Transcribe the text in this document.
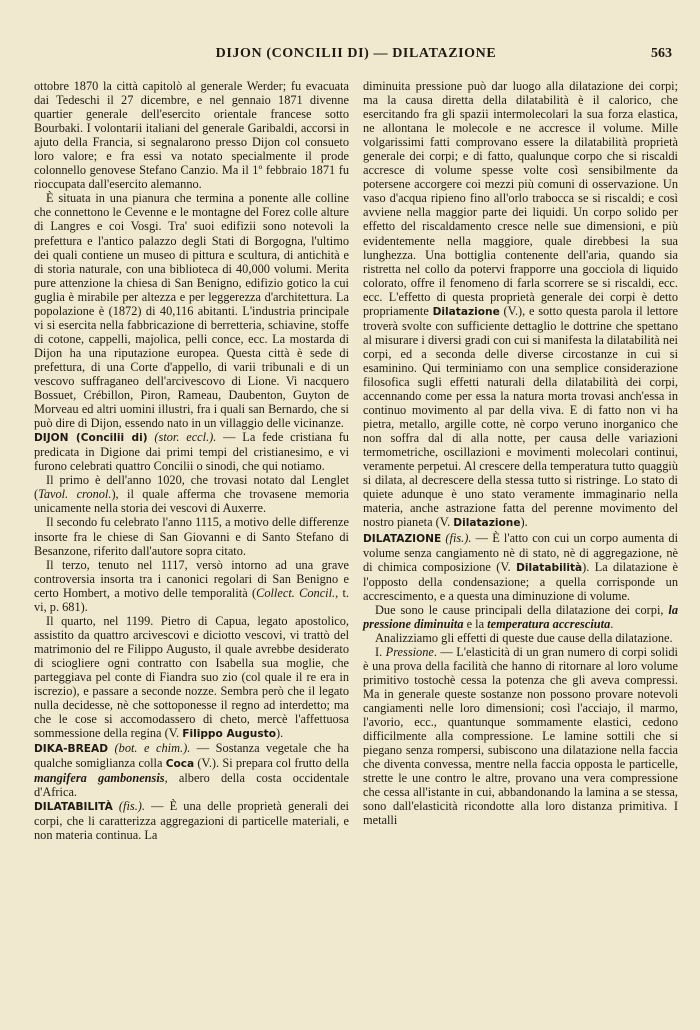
DIJON (CONCILII DI) — DILATAZIONE	563

ottobre 1870 la città capitolò al generale Werder; fu evacuata dai Tedeschi il 27 dicembre, e nel gennaio 1871 divenne quartier generale dell'esercito orientale francese sotto Bourbaki. I volontarii italiani del generale Garibaldi, accorsi in ajuto della Francia, si segnalarono presso Dijon col consueto loro valore; e fra essi va notato specialmente il prode colonnello genovese Stefano Canzio. Ma il 1º febbraio 1871 fu rioccupata dall'esercito alemanno.

È situata in una pianura che termina a ponente alle colline che connettono le Cevenne e le montagne del Forez colle alture di Langres e coi Vosgi. Tra' suoi edifizii sono notevoli la prefettura e l'antico palazzo degli Stati di Borgogna, l'ultimo dei quali contiene un museo di pittura e scultura, di antichità e di storia naturale, con una biblioteca di 40,000 volumi. Merita pure attenzione la chiesa di San Benigno, edifizio gotico la cui guglia è mirabile per altezza e per leggerezza d'architettura. La popolazione è (1872) di 40,116 abitanti. L'industria principale vi si esercita nella fabbricazione di berretteria, schiavine, stoffe di cotone, cappelli, majolica, pelli conce, ecc. La mostarda di Dijon ha una riputazione europea. Questa città è sede di prefettura, di una Corte d'appello, di varii tribunali e di un vescovo suffraganeo dell'arcivescovo di Lione. Vi nacquero Bossuet, Crébillon, Piron, Rameau, Daubenton, Guyton de Morveau ed altri uomini illustri, fra i quali san Bernardo, che si può dire di Dijon, essendo nato in un villaggio delle vicinanze.

DIJON (Concilii di) (stor. eccl.). — La fede cristiana fu predicata in Digione dai primi tempi del cristianesimo, e vi furono celebrati quattro Concilii o sinodi, che qui notiamo.

Il primo è dell'anno 1020, che trovasi notato dal Lenglet (Tavol. cronol.), il quale afferma che trovasene memoria unicamente nella storia dei vescovi di Auxerre.

Il secondo fu celebrato l'anno 1115, a motivo delle differenze insorte fra le chiese di San Giovanni e di Santo Stefano di Besanzone, riferito dall'autore sopra citato.

Il terzo, tenuto nel 1117, versò intorno ad una grave controversia insorta tra i canonici regolari di San Benigno e certo Hombert, a motivo delle temporalità (Collect. Concil., t. vi, p. 681).

Il quarto, nel 1199. Pietro di Capua, legato apostolico, assistito da quattro arcivescovi e diciotto vescovi, vi trattò del matrimonio del re Filippo Augusto, il quale avrebbe desiderato di sciogliere ogni contratto con Isabella sua moglie, che parteggiava pel conte di Fiandra suo zio (col quale il re era in iscrezio), e passare a seconde nozze. Sembra però che il legato nulla decidesse, nè che sottoponesse il regno ad interdetto; ma che le cose si accomodassero di cheto, mercè l'affettuosa sommessione della regina (V. Filippo Augusto).

DIKA-BREAD (bot. e chim.). — Sostanza vegetale che ha qualche somiglianza colla Coca (V.). Si prepara col frutto della mangifera gambonensis, albero della costa occidentale d'Africa.

DILATABILITÀ (fis.). — È una delle proprietà generali dei corpi, che li caratterizza aggregazioni di particelle materiali, e non materia continua. La

diminuita pressione può dar luogo alla dilatazione dei corpi; ma la causa diretta della dilatabilità è il calorico, che esercitando fra gli spazii intermolecolari la sua forza elastica, ne allontana le molecole e ne accresce il volume. Mille volgarissimi fatti comprovano essere la dilatabilità proprietà generale dei corpi; e di fatto, qualunque corpo che si riscaldi accresce di volume spesse volte così sensibilmente da potersene accorgere coi mezzi più comuni di osservazione. Un vaso d'acqua ripieno fino all'orlo trabocca se si riscaldi; e così avviene nella maggior parte dei liquidi. Un corpo solido per effetto del riscaldamento cresce nelle sue dimensioni, e più evidentemente nella maggiore, quale direbbesi la sua lunghezza. Una bottiglia contenente dell'aria, quando sia ristretta nel collo da potervi frapporre una gocciola di liquido colorato, offre il fenomeno di farla scorrere se si riscaldi, ecc. ecc. L'effetto di questa proprietà generale dei corpi è detto propriamente Dilatazione (V.), e sotto questa parola il lettore troverà svolte con sufficiente dettaglio le dottrine che spettano al misurare i diversi gradi con cui si manifesta la dilatabilità nei corpi, ed a seconda delle diverse circostanze in cui si esaminino. Qui terminiamo con una semplice considerazione filosofica sugli effetti naturali della dilatabilità dei corpi, accennando come per essa la natura morta trovasi anch'essa in continuo movimento al par della viva. E di fatto non vi ha pietra, metallo, argille cotte, nè corpo veruno inorganico che non soffra dal di alla notte, per causa delle variazioni termometriche, oscillazioni e movimenti molecolari continui, veramente perpetui. Al crescere della temperatura tutto quaggiù si dilata, al decrescere della stessa tutto si ristringe. Lo stato di quiete adunque è uno stato veramente immaginario nella materia, anche astrazione fatta del perenne movimento del nostro pianeta (V. Dilatazione).

DILATAZIONE (fis.). — È l'atto con cui un corpo aumenta di volume senza cangiamento nè di stato, nè di aggregazione, nè di chimica composizione (V. Dilatabilità). La dilatazione è l'opposto della condensazione; a quella corrisponde un accrescimento, e a questa una diminuzione di volume.

Due sono le cause principali della dilatazione dei corpi, la pressione diminuita e la temperatura accresciuta.

Analizziamo gli effetti di queste due cause della dilatazione.

I. Pressione. — L'elasticità di un gran numero di corpi solidi è una prova della facilità che hanno di ritornare al loro volume primitivo tostochè cessa la potenza che gli aveva compressi. Ma in generale queste sostanze non possono provare notevoli cangiamenti nelle loro dimensioni; così l'acciajo, il marmo, l'avorio, ecc., quantunque sommamente elastici, cedono difficilmente alla compressione. Le lamine sottili che si piegano senza rompersi, subiscono una dilatazione nella faccia che diventa convessa, mentre nella faccia opposta le particelle, strette le une contro le altre, provano una vera compressione che cessa all'istante in cui, abbandonando la lamina a se stessa, sono dall'elasticità ricondotte alla loro distanza primitiva. I metalli
